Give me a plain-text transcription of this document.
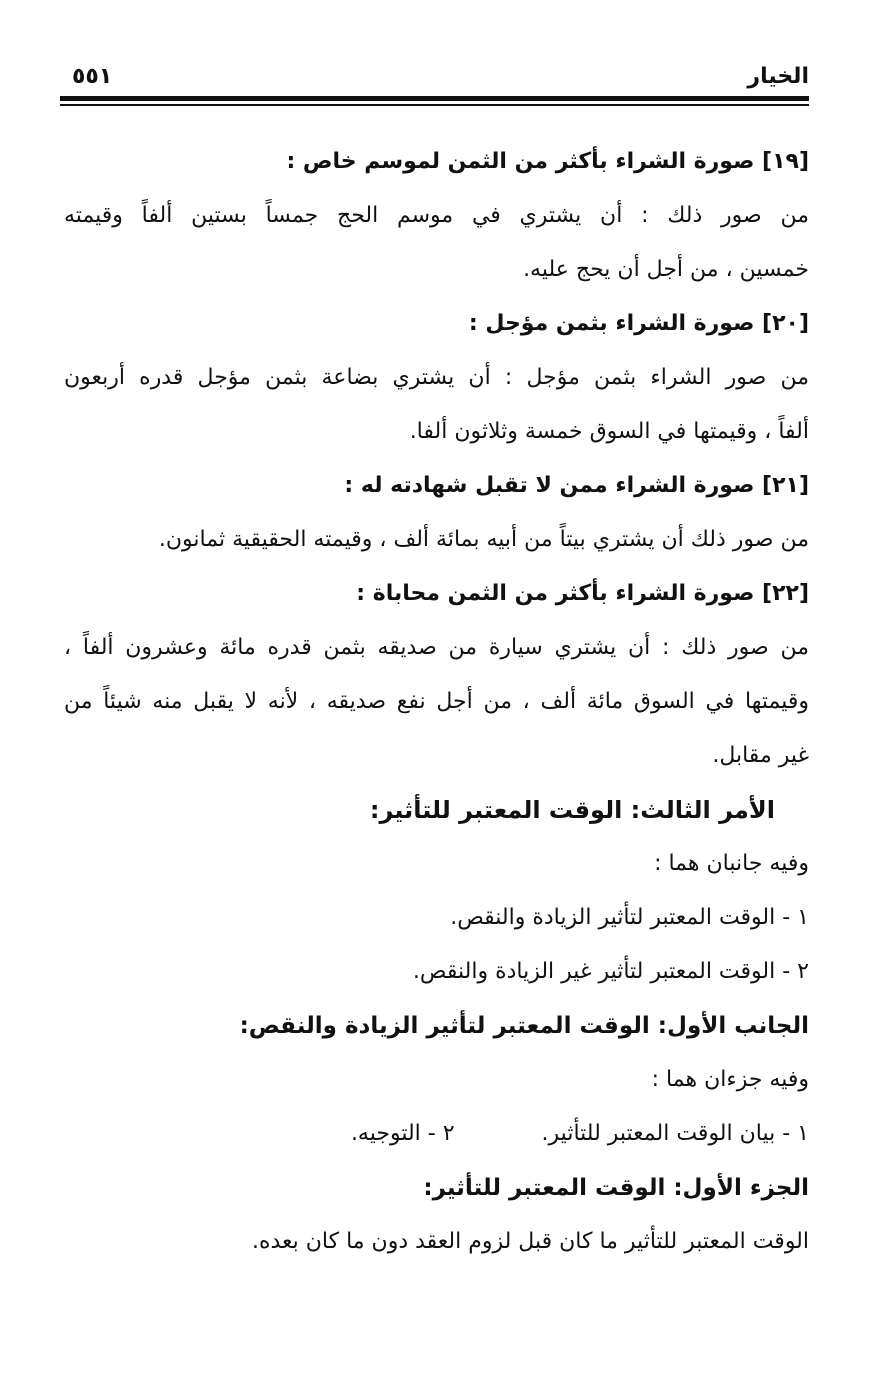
الخيار
٥٥١
[١٩] صورة الشراء بأكثر من الثمن لموسم خاص :
من صور ذلك : أن يشتري في موسم الحج جمساً بستين ألفاً وقيمته
خمسين ، من أجل أن يحج عليه.
[٢٠] صورة الشراء بثمن مؤجل :
من صور الشراء بثمن مؤجل : أن يشتري بضاعة بثمن مؤجل قدره أربعون
ألفاً ، وقيمتها في السوق خمسة وثلاثون ألفا.
[٢١] صورة الشراء ممن لا تقبل شهادته له :
من صور ذلك أن يشتري بيتاً من أبيه بمائة ألف ، وقيمته الحقيقية ثمانون.
[٢٢] صورة الشراء بأكثر من الثمن محاباة :
من صور ذلك : أن يشتري سيارة من صديقه بثمن قدره مائة وعشرون ألفاً ،
وقيمتها في السوق مائة ألف ، من أجل نفع صديقه ، لأنه لا يقبل منه شيئاً من
غير مقابل.
الأمر الثالث: الوقت المعتبر للتأثير:
وفيه جانبان هما :
١ - الوقت المعتبر لتأثير الزيادة والنقص.
٢ - الوقت المعتبر لتأثير غير الزيادة والنقص.
الجانب الأول: الوقت المعتبر لتأثير الزيادة والنقص:
وفيه جزءان هما :
١ - بيان الوقت المعتبر للتأثير. ٢ - التوجيه.
الجزء الأول: الوقت المعتبر للتأثير:
الوقت المعتبر للتأثير ما كان قبل لزوم العقد دون ما كان بعده.
